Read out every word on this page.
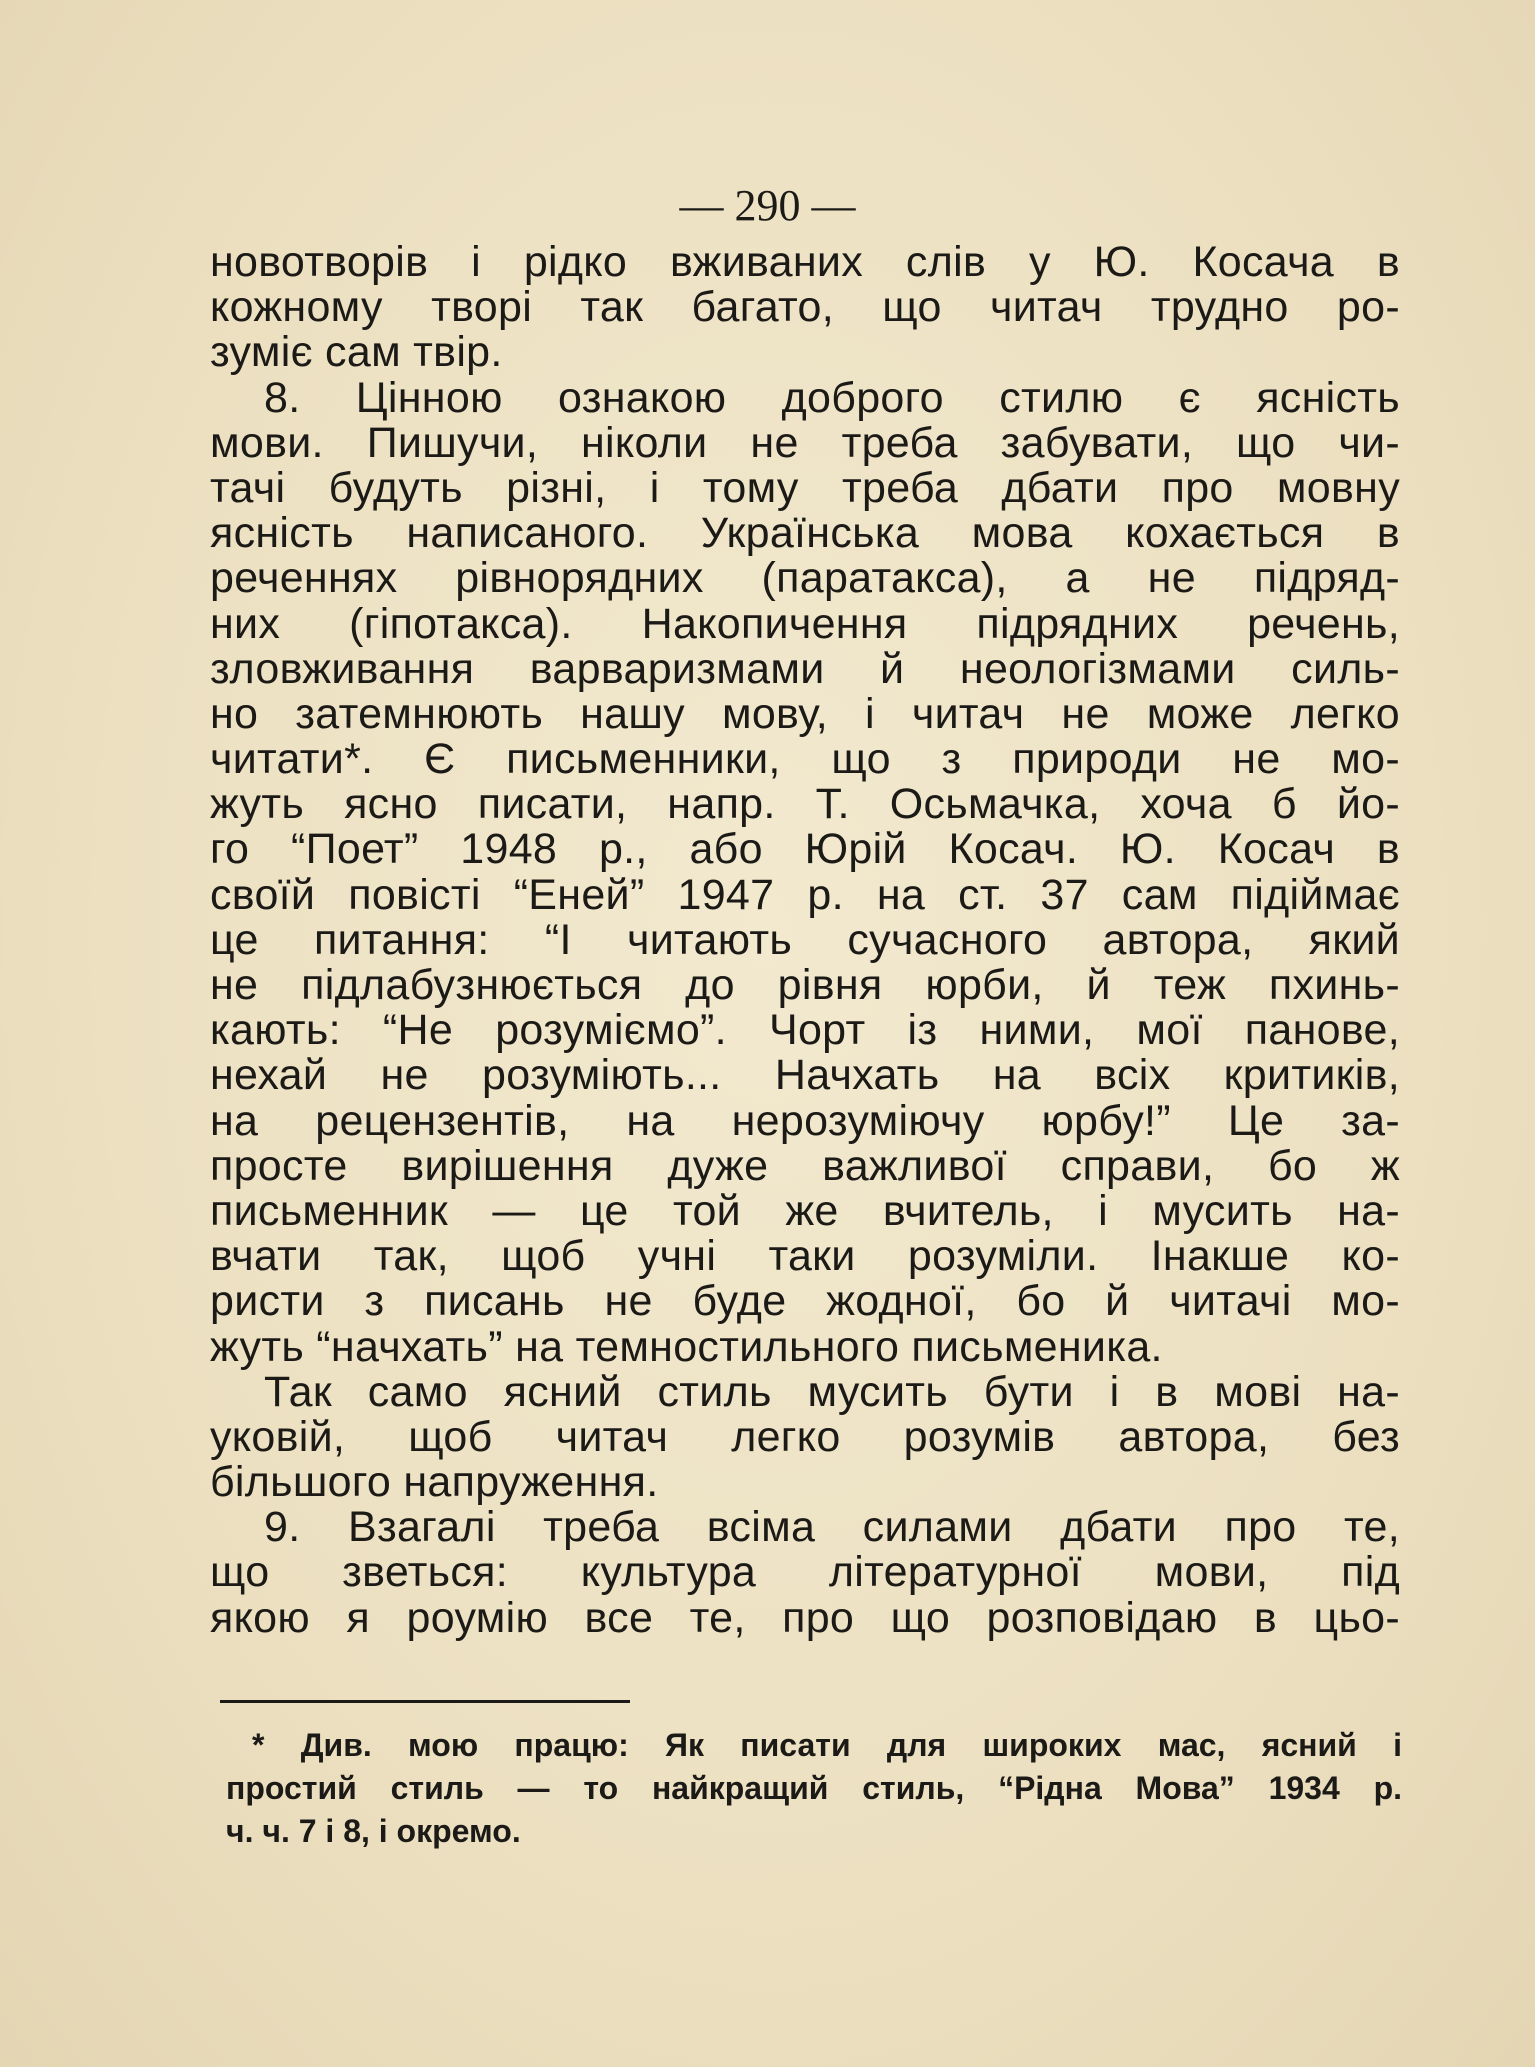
— 290 —
новотворів і рідко вживаних слів у Ю. Косача в
кожному творі так багато, що читач трудно ро-
зуміє сам твір.
8. Цінною ознакою доброго стилю є ясність
мови. Пишучи, ніколи не треба забувати, що чи-
тачі будуть різні, і тому треба дбати про мовну
ясність написаного. Українська мова кохається в
реченнях рівнорядних (паратакса), а не підряд-
них (гіпотакса). Накопичення підрядних речень,
зловживання варваризмами й неологізмами силь-
но затемнюють нашу мову, і читач не може легко
читати*. Є письменники, що з природи не мо-
жуть ясно писати, напр. Т. Осьмачка, хоча б йо-
го “Поет” 1948 р., або Юрій Косач. Ю. Косач в
своїй повісті “Еней” 1947 р. на ст. 37 сам підіймає
це питання: “І читають сучасного автора, який
не підлабузнюється до рівня юрби, й теж пхинь-
кають: “Не розуміємо”. Чорт із ними, мої панове,
нехай не розуміють... Начхать на всіх критиків,
на рецензентів, на нерозуміючу юрбу!” Це за-
просте вирішення дуже важливої справи, бо ж
письменник — це той же вчитель, і мусить на-
вчати так, щоб учні таки розуміли. Інакше ко-
ристи з писань не буде жодної, бо й читачі мо-
жуть “начхать” на темностильного письменика.
Так само ясний стиль мусить бути і в мові на-
уковій, щоб читач легко розумів автора, без
більшого напруження.
9. Взагалі треба всіма силами дбати про те,
що зветься: культура літературної мови, під
якою я роумію все те, про що розповідаю в цьо-
* Див. мою працю: Як писати для широких мас, ясний і
простий стиль — то найкращий стиль, “Рідна Мова” 1934 р.
ч. ч. 7 і 8, і окремо.
